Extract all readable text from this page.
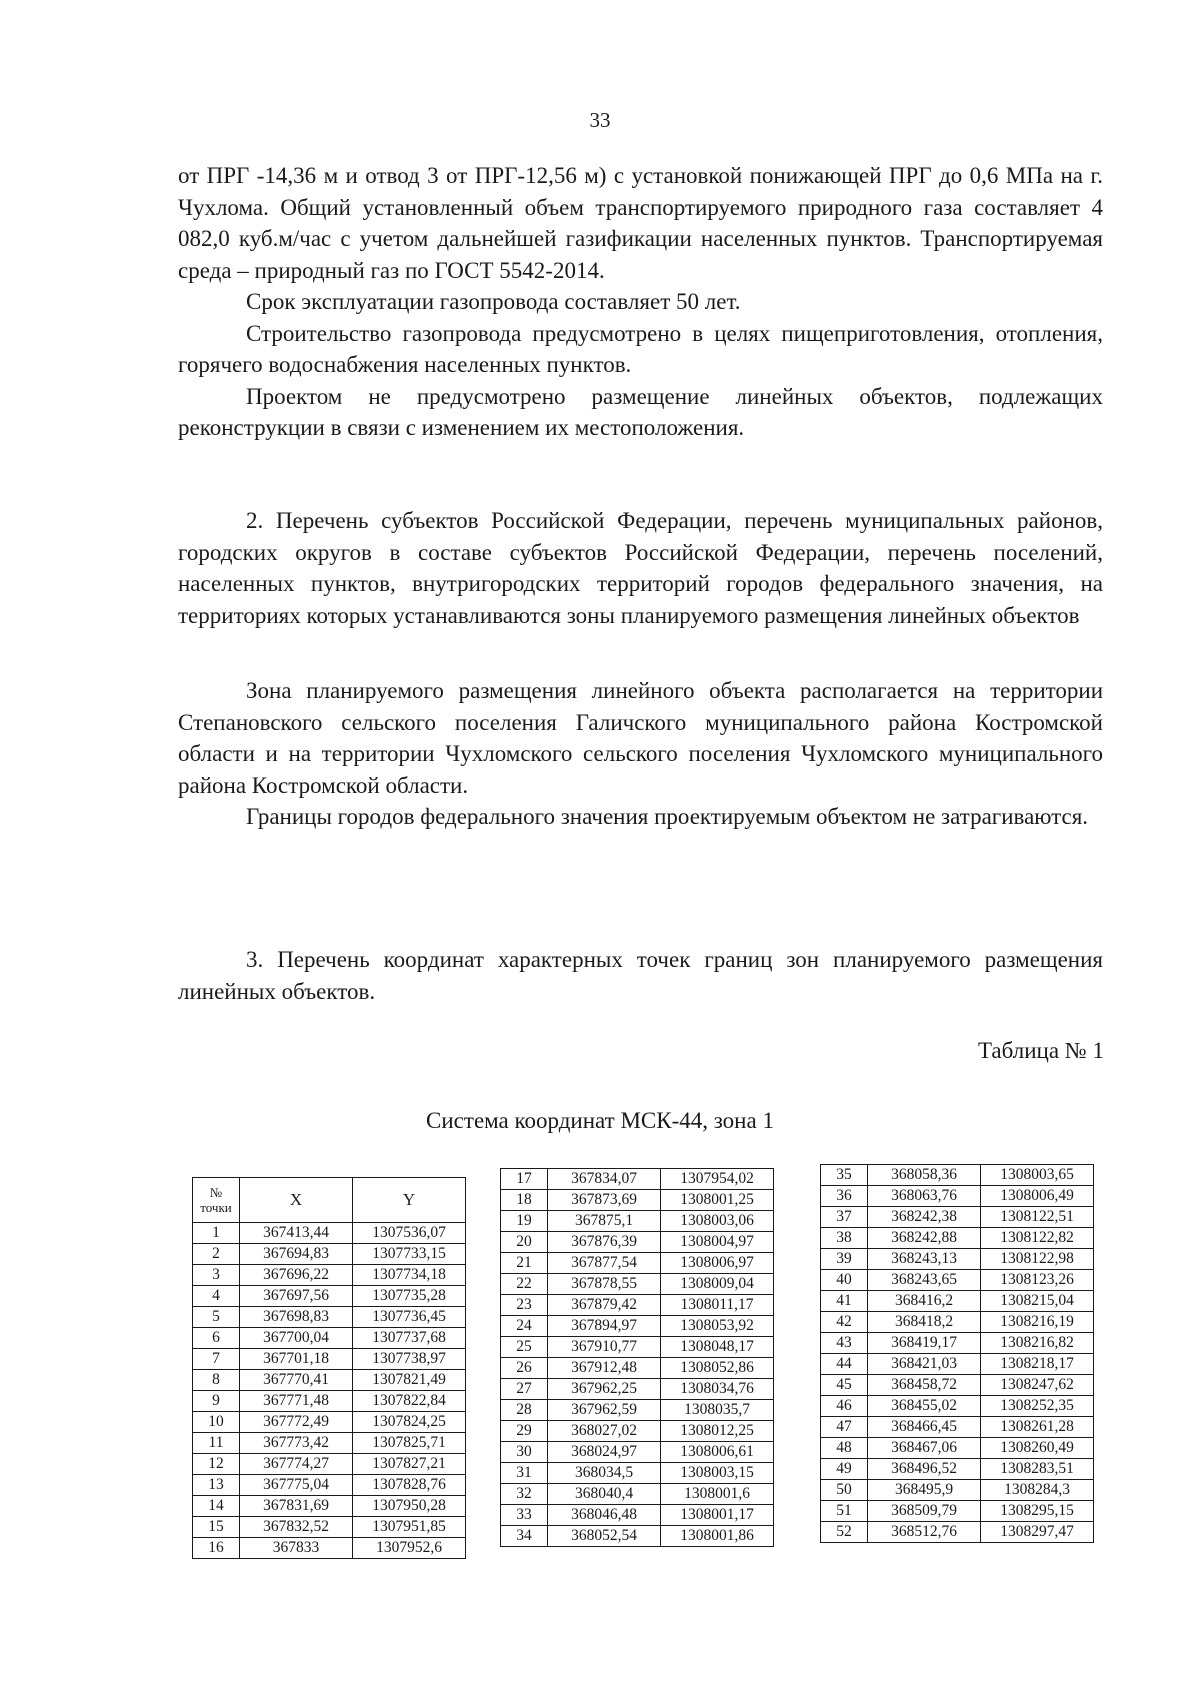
33

от ПРГ -14,36 м и отвод 3 от ПРГ-12,56 м) с установкой понижающей ПРГ до 0,6 МПа на г. Чухлома. Общий установленный объем транспортируемого природного газа составляет 4 082,0 куб.м/час с учетом дальнейшей газификации населенных пунктов. Транспортируемая среда – природный газ по ГОСТ 5542-2014.

Срок эксплуатации газопровода составляет 50 лет.

Строительство газопровода предусмотрено в целях пищеприготовления, отопления, горячего водоснабжения населенных пунктов.

Проектом не предусмотрено размещение линейных объектов, подлежащих реконструкции в связи с изменением их местоположения.

2. Перечень субъектов Российской Федерации, перечень муниципальных районов, городских округов в составе субъектов Российской Федерации, перечень поселений, населенных пунктов, внутригородских территорий городов федерального значения, на территориях которых устанавливаются зоны планируемого размещения линейных объектов

Зона планируемого размещения линейного объекта располагается на территории Степановского сельского поселения Галичского муниципального района Костромской области и на территории Чухломского сельского поселения Чухломского муниципального района Костромской области.

Границы городов федерального значения проектируемым объектом не затрагиваются.

3. Перечень координат характерных точек границ зон планируемого размещения линейных объектов.

Таблица № 1
Система координат МСК-44, зона 1
№
точки	X	Y
1	367413,44	1307536,07
2	367694,83	1307733,15
3	367696,22	1307734,18
4	367697,56	1307735,28
5	367698,83	1307736,45
6	367700,04	1307737,68
7	367701,18	1307738,97
8	367770,41	1307821,49
9	367771,48	1307822,84
10	367772,49	1307824,25
11	367773,42	1307825,71
12	367774,27	1307827,21
13	367775,04	1307828,76
14	367831,69	1307950,28
15	367832,52	1307951,85
16	367833	1307952,6
17	367834,07	1307954,02
18	367873,69	1308001,25
19	367875,1	1308003,06
20	367876,39	1308004,97
21	367877,54	1308006,97
22	367878,55	1308009,04
23	367879,42	1308011,17
24	367894,97	1308053,92
25	367910,77	1308048,17
26	367912,48	1308052,86
27	367962,25	1308034,76
28	367962,59	1308035,7
29	368027,02	1308012,25
30	368024,97	1308006,61
31	368034,5	1308003,15
32	368040,4	1308001,6
33	368046,48	1308001,17
34	368052,54	1308001,86
35	368058,36	1308003,65
36	368063,76	1308006,49
37	368242,38	1308122,51
38	368242,88	1308122,82
39	368243,13	1308122,98
40	368243,65	1308123,26
41	368416,2	1308215,04
42	368418,2	1308216,19
43	368419,17	1308216,82
44	368421,03	1308218,17
45	368458,72	1308247,62
46	368455,02	1308252,35
47	368466,45	1308261,28
48	368467,06	1308260,49
49	368496,52	1308283,51
50	368495,9	1308284,3
51	368509,79	1308295,15
52	368512,76	1308297,47
